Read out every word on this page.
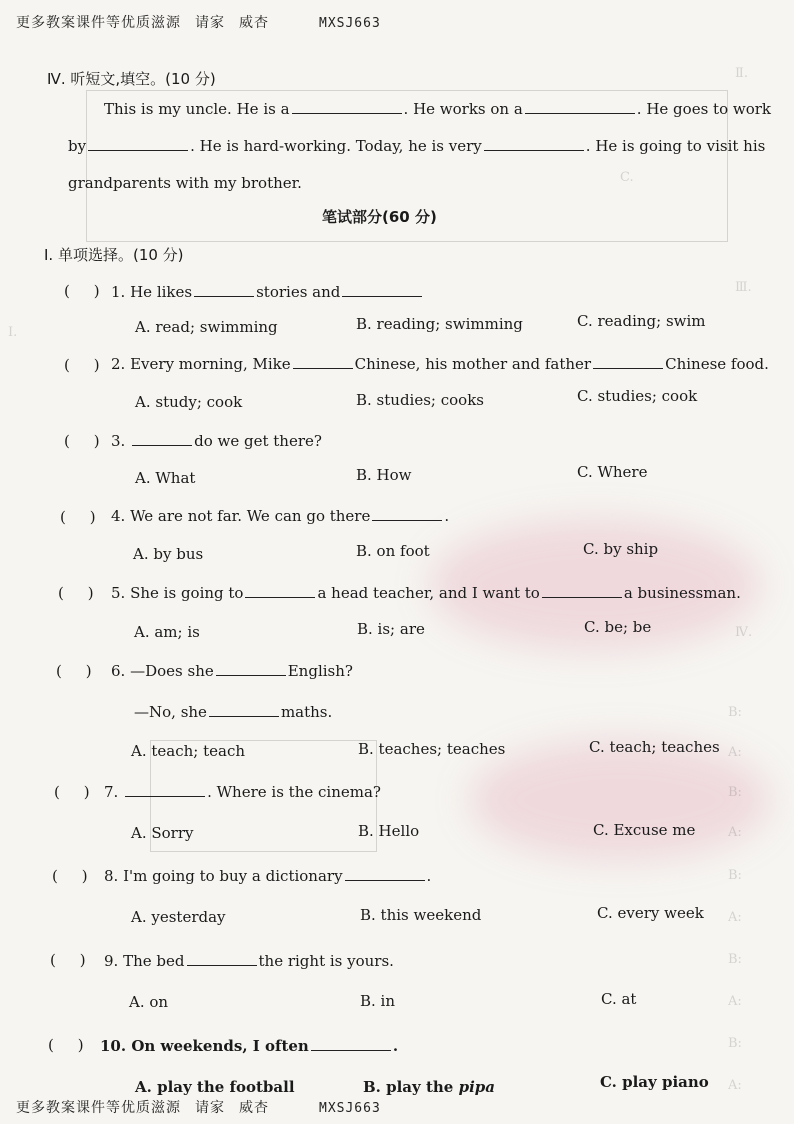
Ⅱ.
C.
Ⅰ.
Ⅲ.
Ⅳ.
B:
A:
B:
A:
B:
A:
B:
A:
B:
A:
更多教案课件等优质滋源 请家 威杏	MXSJ663
Ⅳ. 听短文,填空。(10 分)
This is my uncle. He is a	. He works on a	. He goes to work
by	. He is hard-working. Today, he is very	. He is going to visit his
grandparents with my brother.
笔试部分(60 分)
Ⅰ. 单项选择。(10 分)
(     ) 1. He likes	stories and
A. read; swimming	B. reading; swimming	C. reading; swim
(     ) 2. Every morning, Mike	Chinese, his mother and father	Chinese food.
A. study; cook	B. studies; cooks	C. studies; cook
(     ) 3.	do we get there?
A. What	B. How	C. Where
(     ) 4. We are not far. We can go there	.
A. by bus	B. on foot	C. by ship
(     ) 5. She is going to	a head teacher, and I want to	a businessman.
A. am; is	B. is; are	C. be; be
(     ) 6. —Does she	English?
—No, she	maths.
A. teach; teach	B. teaches; teaches	C. teach; teaches
(     ) 7.	. Where is the cinema?
A. Sorry	B. Hello	C. Excuse me
(     ) 8. I'm going to buy a dictionary	.
A. yesterday	B. this weekend	C. every week
(     ) 9. The bed	the right is yours.
A. on	B. in	C. at
(     ) 10. On weekends, I often	.
A. play the football	B. play the pipa	C. play piano
更多教案课件等优质滋源 请家 威杏	MXSJ663
